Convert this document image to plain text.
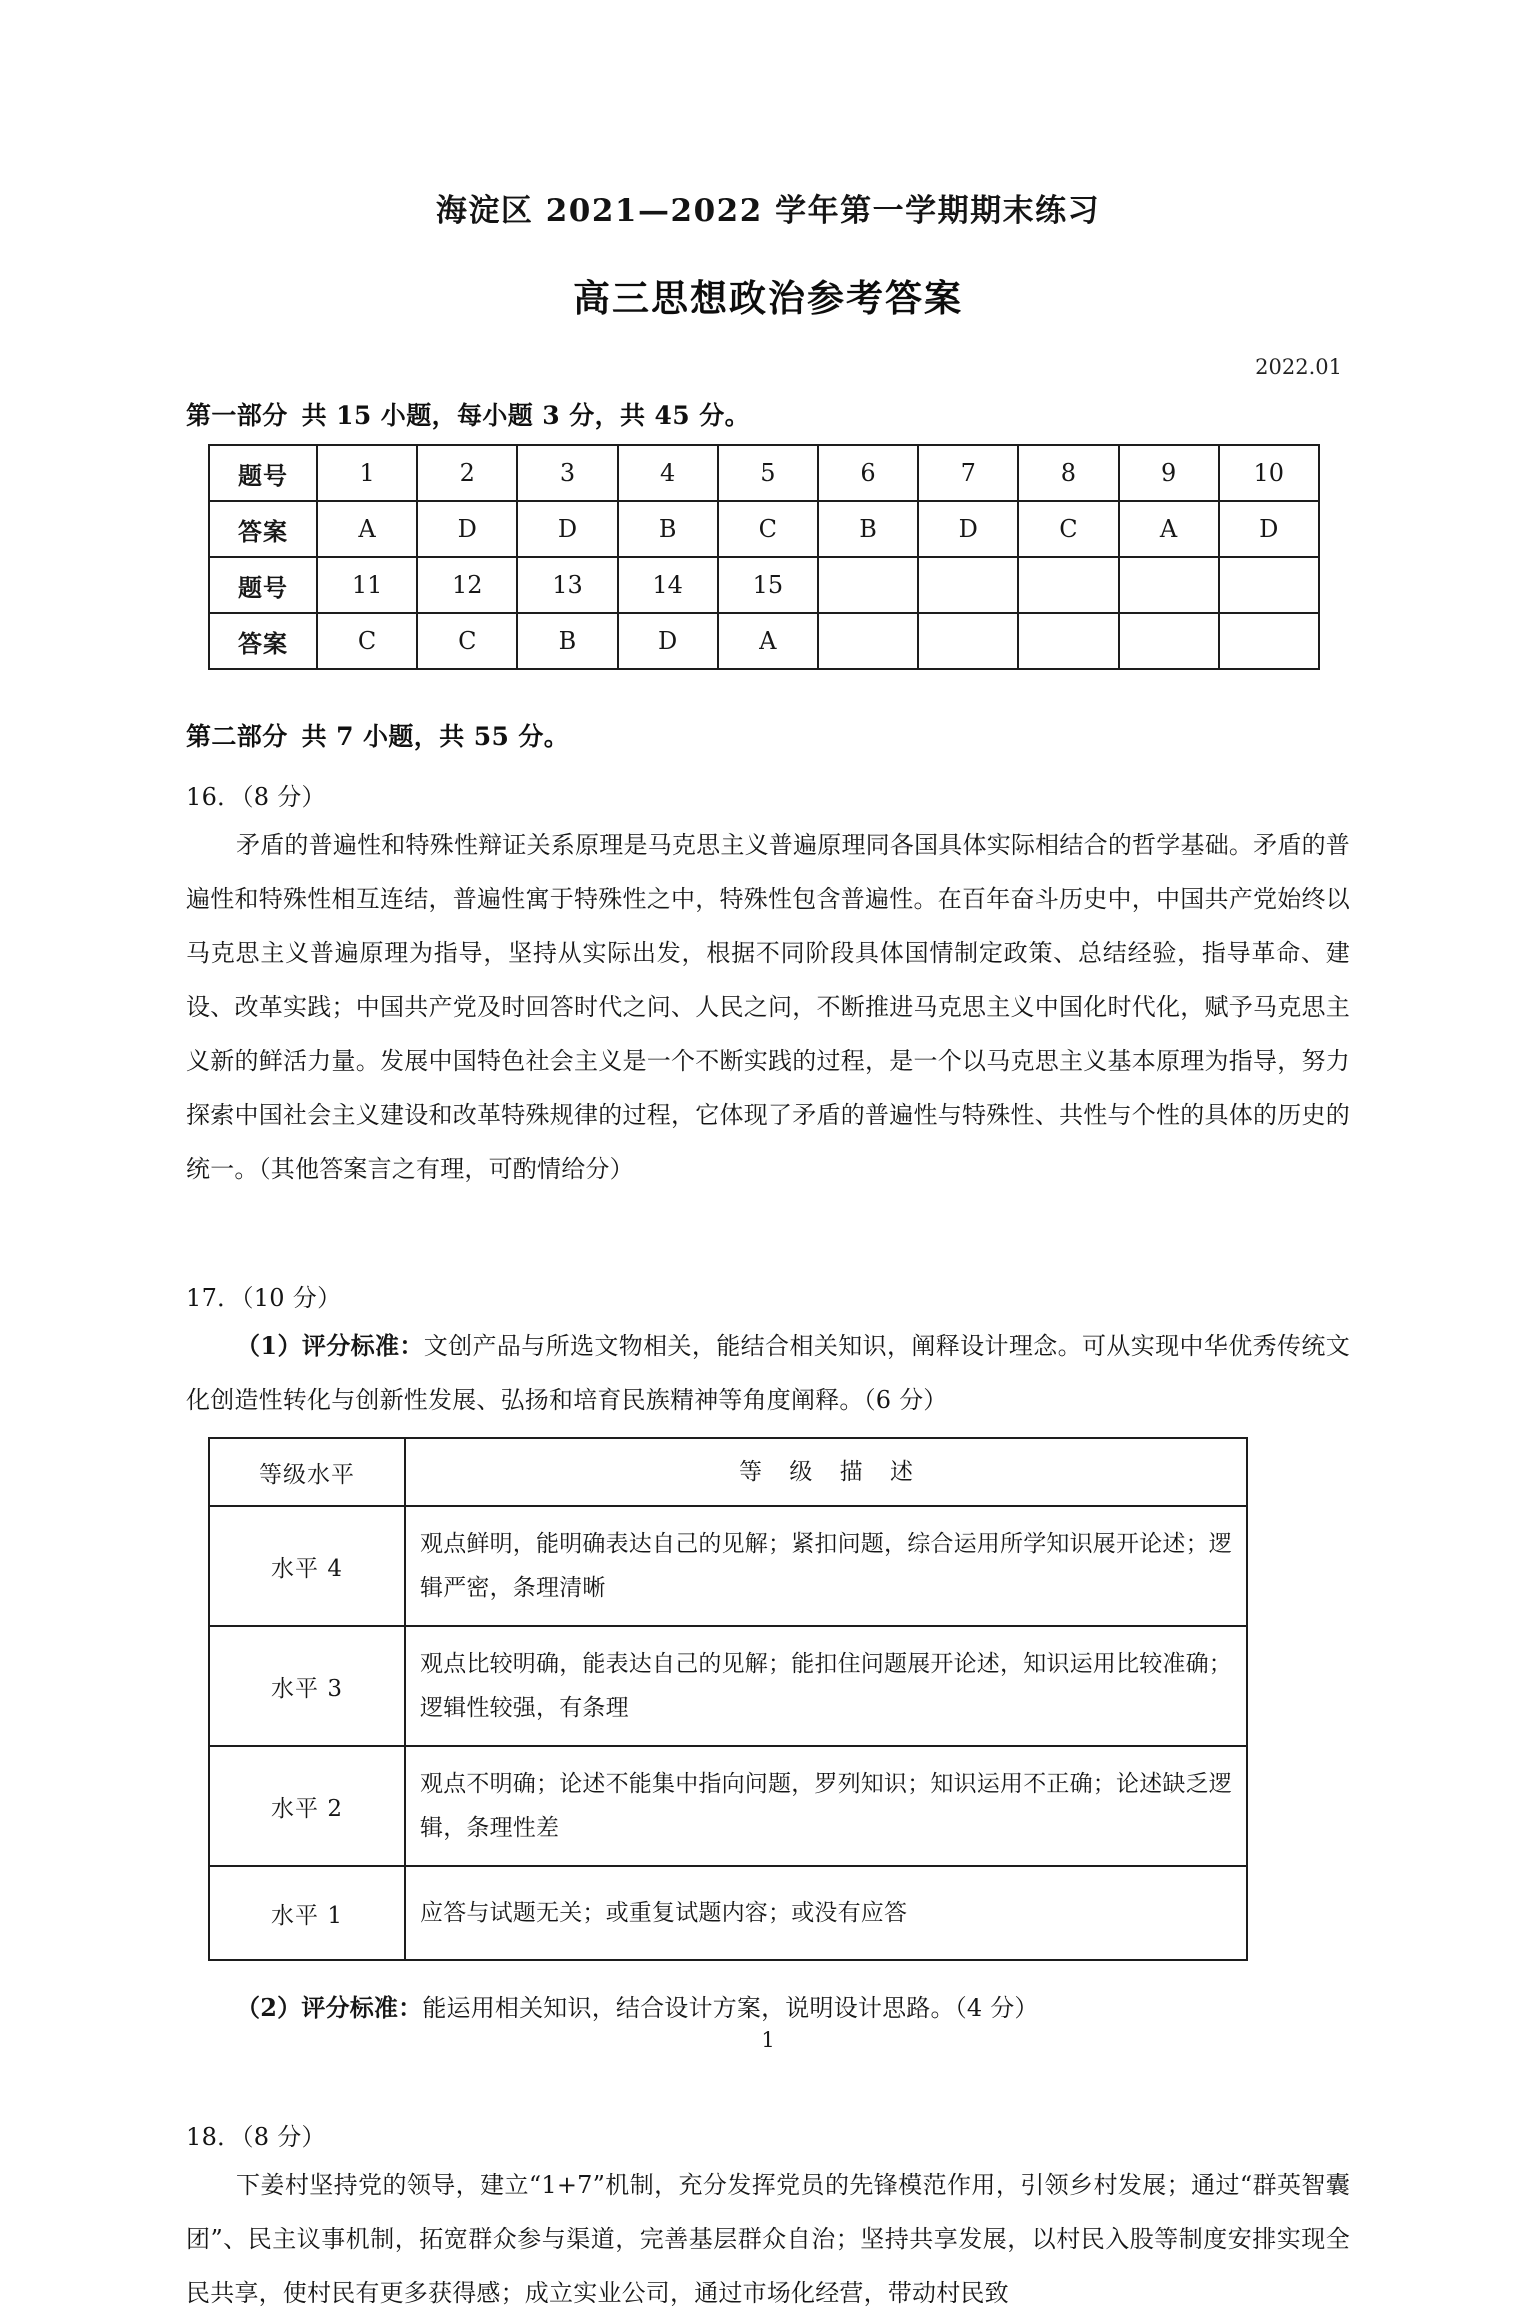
海淀区 2021—2022 学年第一学期期末练习
高三思想政治参考答案
2022.01
第一部分 共 15 小题，每小题 3 分，共 45 分。
题号	1	2	3	4	5	6	7	8	9	10
答案	A	D	D	B	C	B	D	C	A	D
题号	11	12	13	14	15					
答案	C	C	B	D	A					
第二部分 共 7 小题，共 55 分。
16．（8 分）
矛盾的普遍性和特殊性辩证关系原理是马克思主义普遍原理同各国具体实际相结合的哲学基础。矛盾的普遍性和特殊性相互连结，普遍性寓于特殊性之中，特殊性包含普遍性。在百年奋斗历史中，中国共产党始终以马克思主义普遍原理为指导，坚持从实际出发，根据不同阶段具体国情制定政策、总结经验，指导革命、建设、改革实践；中国共产党及时回答时代之问、人民之问，不断推进马克思主义中国化时代化，赋予马克思主义新的鲜活力量。发展中国特色社会主义是一个不断实践的过程，是一个以马克思主义基本原理为指导，努力探索中国社会主义建设和改革特殊规律的过程，它体现了矛盾的普遍性与特殊性、共性与个性的具体的历史的统一。（其他答案言之有理，可酌情给分）
17．（10 分）
（1）评分标准：文创产品与所选文物相关，能结合相关知识，阐释设计理念。可从实现中华优秀传统文化创造性转化与创新性发展、弘扬和培育民族精神等角度阐释。（6 分）
等级水平	等 级 描 述
水平 4	观点鲜明，能明确表达自己的见解；紧扣问题，综合运用所学知识展开论述；逻辑严密，条理清晰
水平 3	观点比较明确，能表达自己的见解；能扣住问题展开论述，知识运用比较准确；逻辑性较强，有条理
水平 2	观点不明确；论述不能集中指向问题，罗列知识；知识运用不正确；论述缺乏逻辑，条理性差
水平 1	应答与试题无关；或重复试题内容；或没有应答
（2）评分标准：能运用相关知识，结合设计方案，说明设计思路。（4 分）
18．（8 分）
下姜村坚持党的领导，建立“1+7”机制，充分发挥党员的先锋模范作用，引领乡村发展；通过“群英智囊团”、民主议事机制，拓宽群众参与渠道，完善基层群众自治；坚持共享发展，以村民入股等制度安排实现全民共享，使村民有更多获得感；成立实业公司，通过市场化经营，带动村民致
1
